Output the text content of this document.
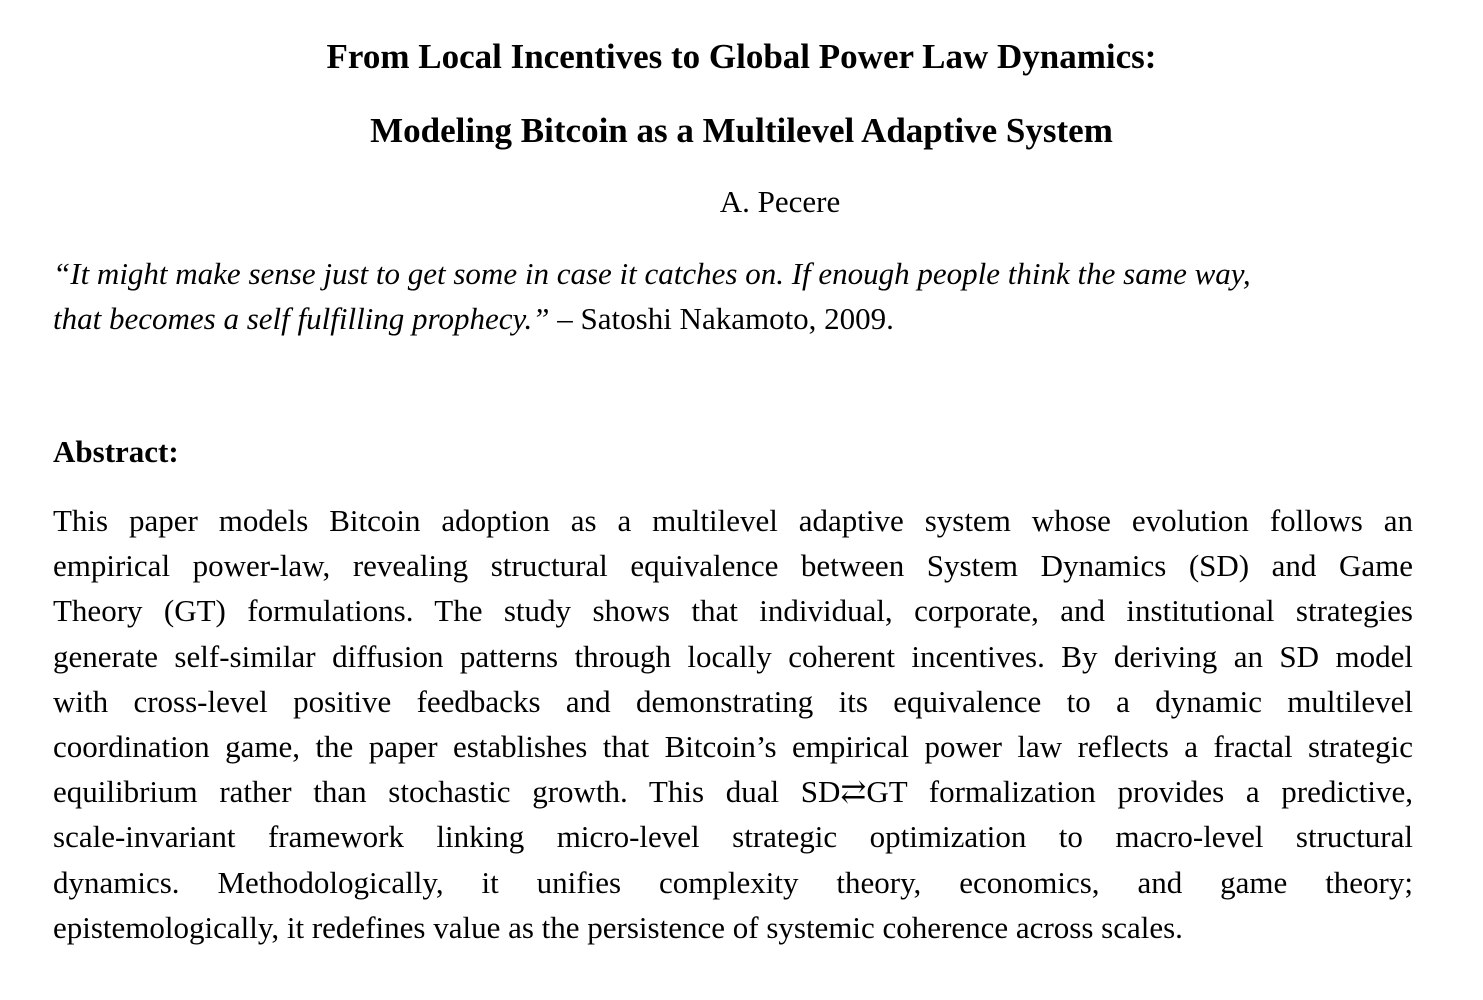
From Local Incentives to Global Power Law Dynamics:
Modeling Bitcoin as a Multilevel Adaptive System
A. Pecere
“It might make sense just to get some in case it catches on. If enough people think the same way,
that becomes a self fulfilling prophecy.” – Satoshi Nakamoto, 2009.
Abstract:
This paper models Bitcoin adoption as a multilevel adaptive system whose evolution follows an
empirical power-law, revealing structural equivalence between System Dynamics (SD) and Game
Theory (GT) formulations. The study shows that individual, corporate, and institutional strategies
generate self-similar diffusion patterns through locally coherent incentives. By deriving an SD model
with cross-level positive feedbacks and demonstrating its equivalence to a dynamic multilevel
coordination game, the paper establishes that Bitcoin’s empirical power law reflects a fractal strategic
equilibrium rather than stochastic growth. This dual SD⇄GT formalization provides a predictive,
scale-invariant framework linking micro-level strategic optimization to macro-level structural
dynamics. Methodologically, it unifies complexity theory, economics, and game theory;
epistemologically, it redefines value as the persistence of systemic coherence across scales.
